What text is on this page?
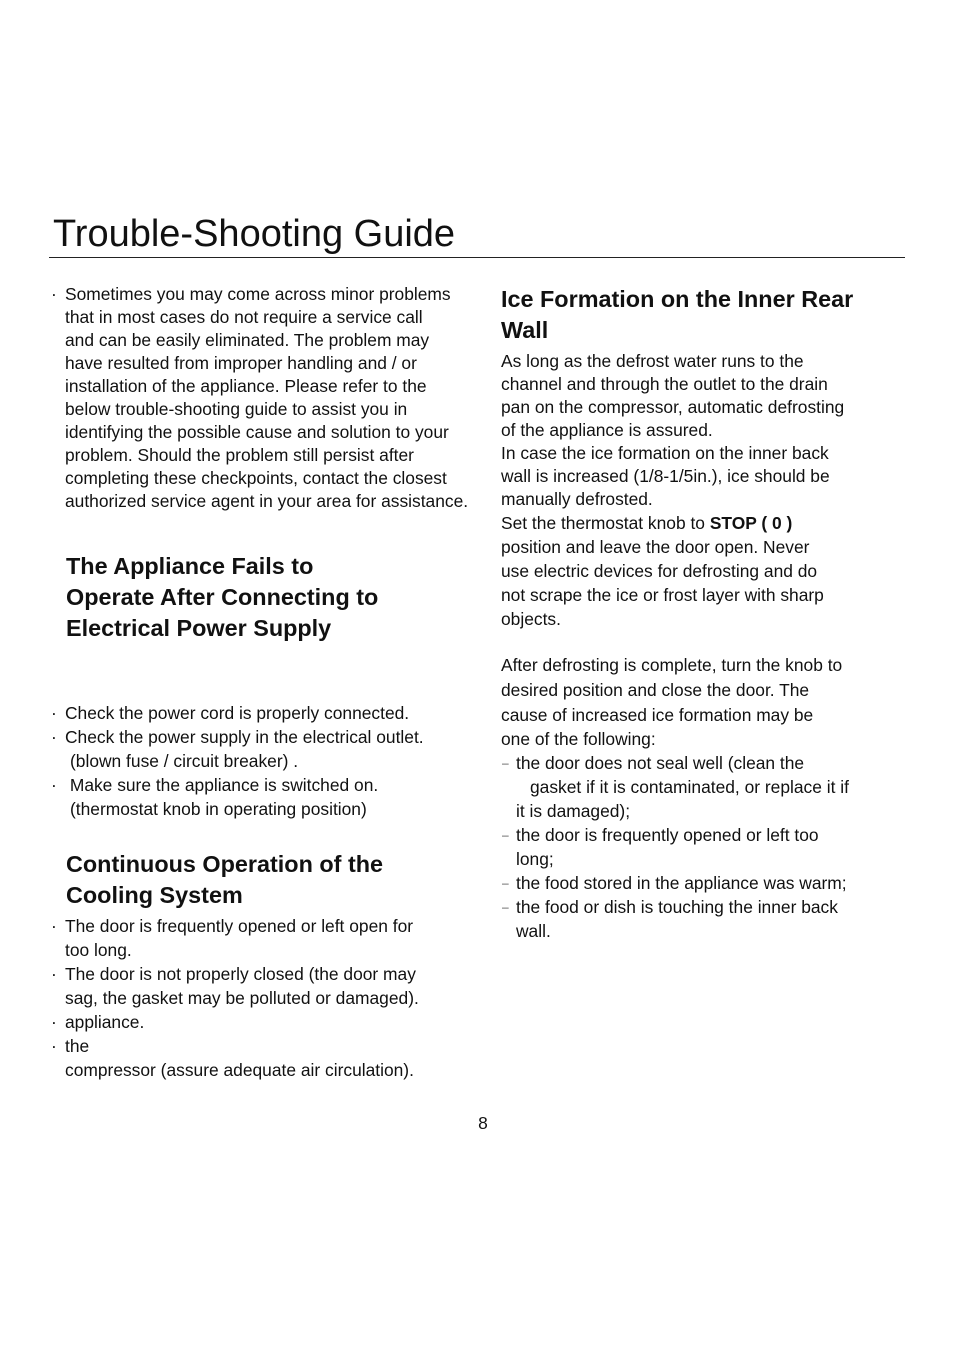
Trouble-Shooting Guide
· Sometimes you may come across minor problems
that in most cases do not require a service call
and can be easily eliminated. The problem may
have resulted from improper handling and / or
installation of the appliance. Please refer to the
below trouble-shooting guide to assist you in
identifying the possible cause and solution to your
problem. Should the problem still persist after
completing these checkpoints, contact the closest
authorized service agent in your area for assistance.
The Appliance Fails to
Operate After Connecting to
Electrical Power Supply
· Check the power cord is properly connected.
· Check the power supply in the electrical outlet.
(blown fuse / circuit breaker) .
·  Make sure the appliance is switched on.
(thermostat knob in operating position)
Continuous Operation of the
Cooling System
· The door is frequently opened or left open for
too long.
· The door is not properly closed (the door may
sag, the gasket may be polluted or damaged).
· appliance.
· the
compressor (assure adequate air circulation).
Ice Formation on the Inner Rear
Wall
As long as the defrost water runs to the
channel and through the outlet to the drain
pan on the compressor, automatic defrosting
of the appliance is assured.
In case the ice formation on the inner back
wall is increased (1/8-1/5in.), ice should be
manually defrosted.
Set the thermostat knob to STOP ( 0 )
position and leave the door open. Never
use electric devices for defrosting and do
not scrape the ice or frost layer with sharp
objects.
After defrosting is complete, turn the knob to
desired position and close the door. The
cause of increased ice formation may be
one of the following:
– the door does not seal well (clean the
gasket if it is contaminated, or replace it if
it is damaged);
– the door is frequently opened or left too
long;
– the food stored in the appliance was warm;
– the food or dish is touching the inner back
wall.
8
